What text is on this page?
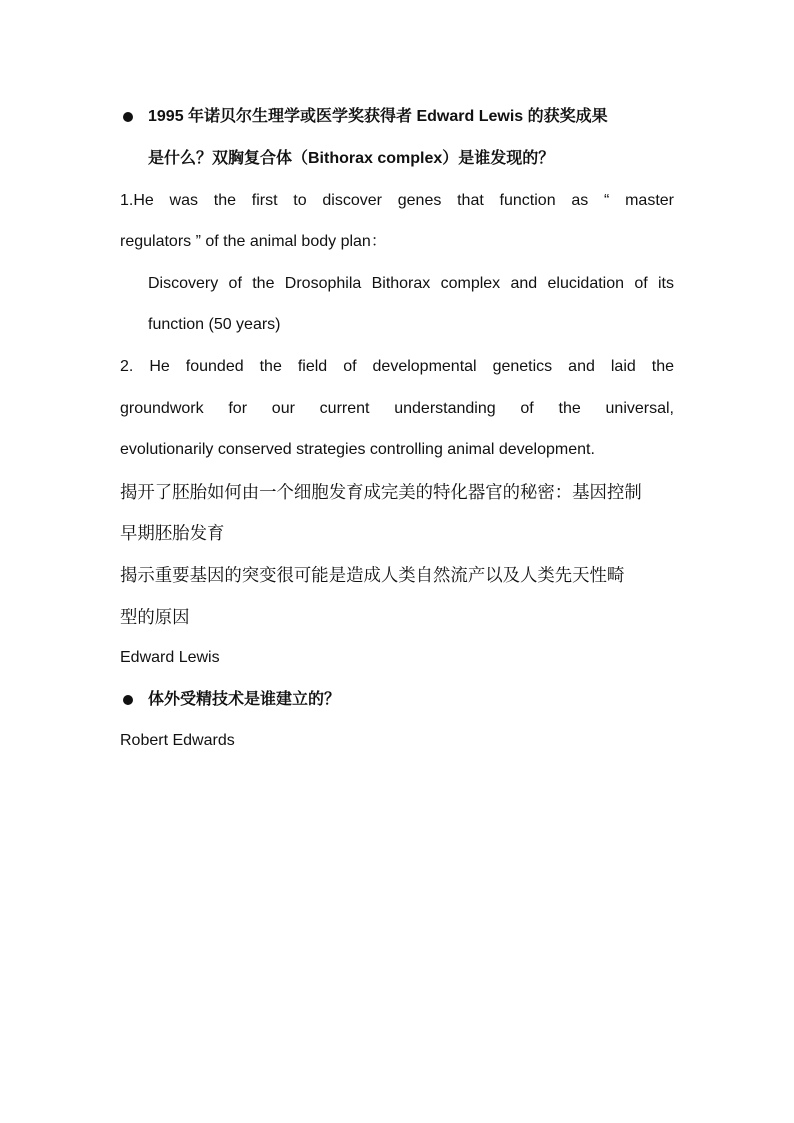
1995 年诺贝尔生理学或医学奖获得者 Edward Lewis 的获奖成果
是什么？双胸复合体（Bithorax complex）是谁发现的？
1.He was the first to discover genes that function as “ master
regulators ” of the animal body plan：
Discovery of the Drosophila Bithorax complex and elucidation of its
function (50 years)
2. He founded the field of developmental genetics and laid the
groundwork for our current understanding of the universal,
evolutionarily conserved strategies controlling animal development.
揭开了胚胎如何由一个细胞发育成完美的特化器官的秘密：基因控制
早期胚胎发育
揭示重要基因的突变很可能是造成人类自然流产以及人类先天性畸
型的原因
Edward Lewis
体外受精技术是谁建立的？
Robert Edwards
